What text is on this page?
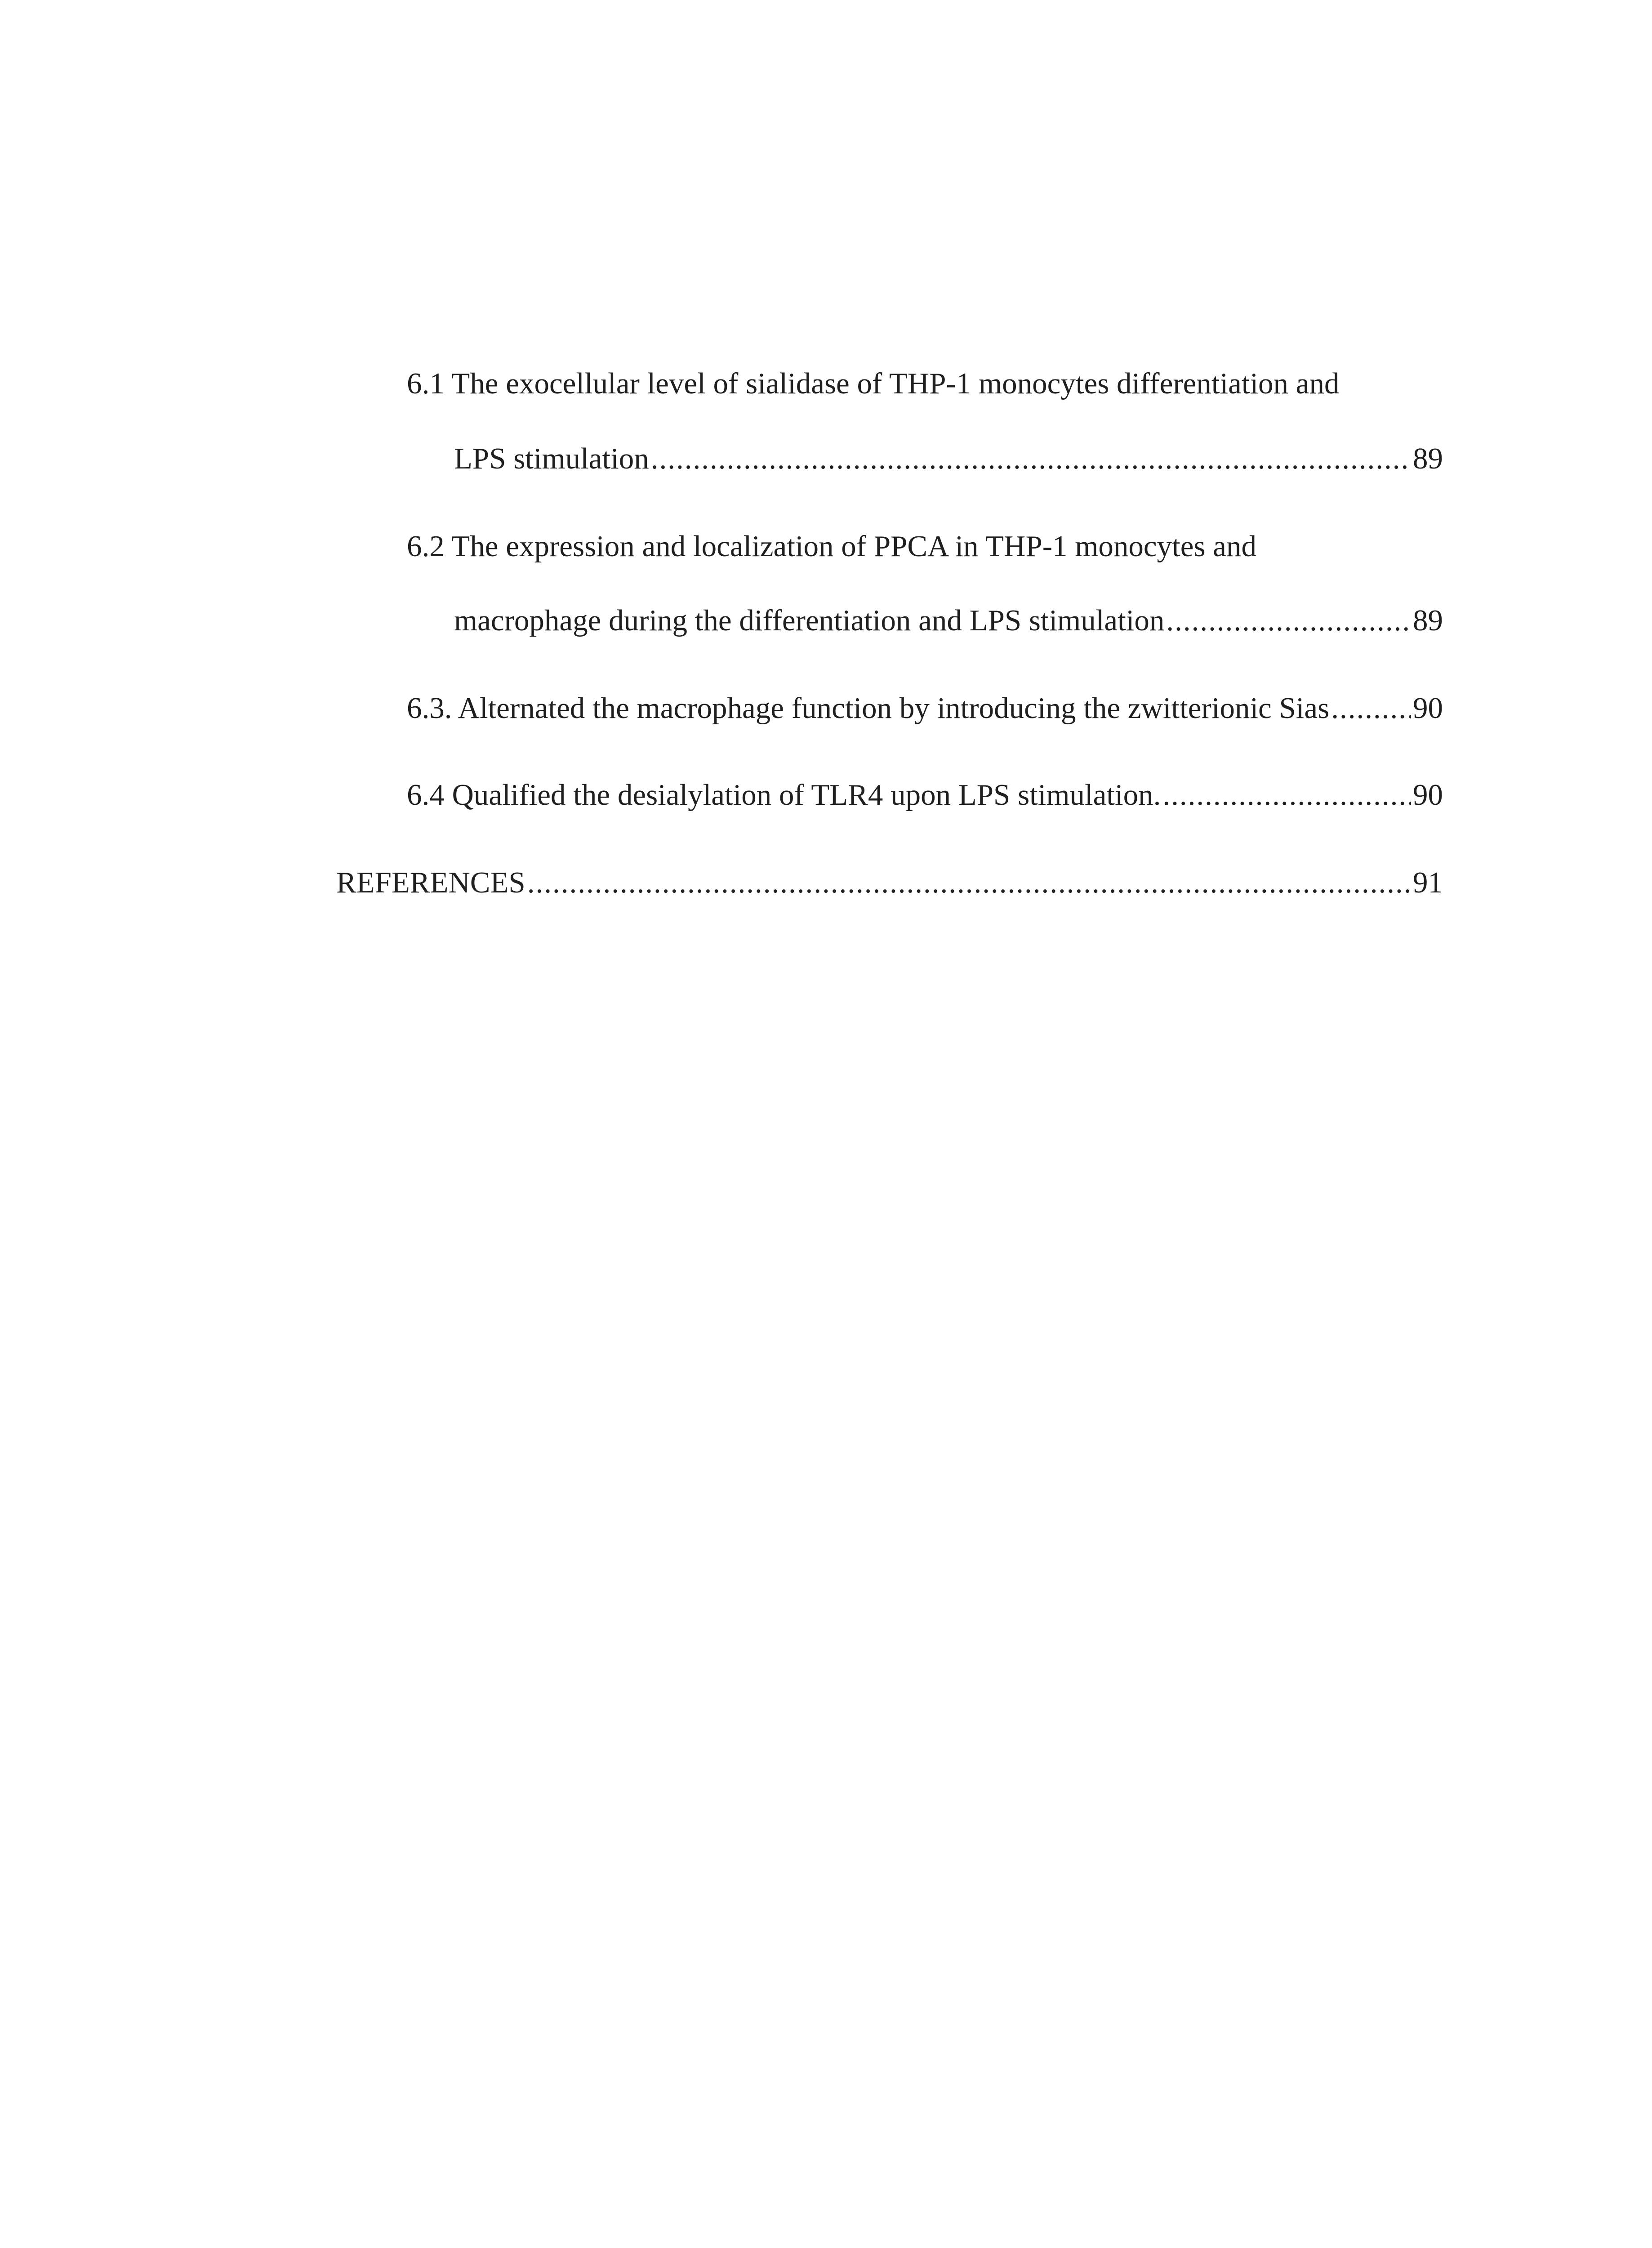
6.1 The exocellular level of sialidase of THP-1 monocytes differentiation and
LPS stimulation .....	89
6.2 The expression and localization of PPCA in THP-1 monocytes and
macrophage during the differentiation and LPS stimulation .....	89
6.3. Alternated the macrophage function by introducing the zwitterionic Sias .....	90
6.4 Qualified the desialylation of TLR4 upon LPS stimulation. .....	90
REFERENCES .....	91
